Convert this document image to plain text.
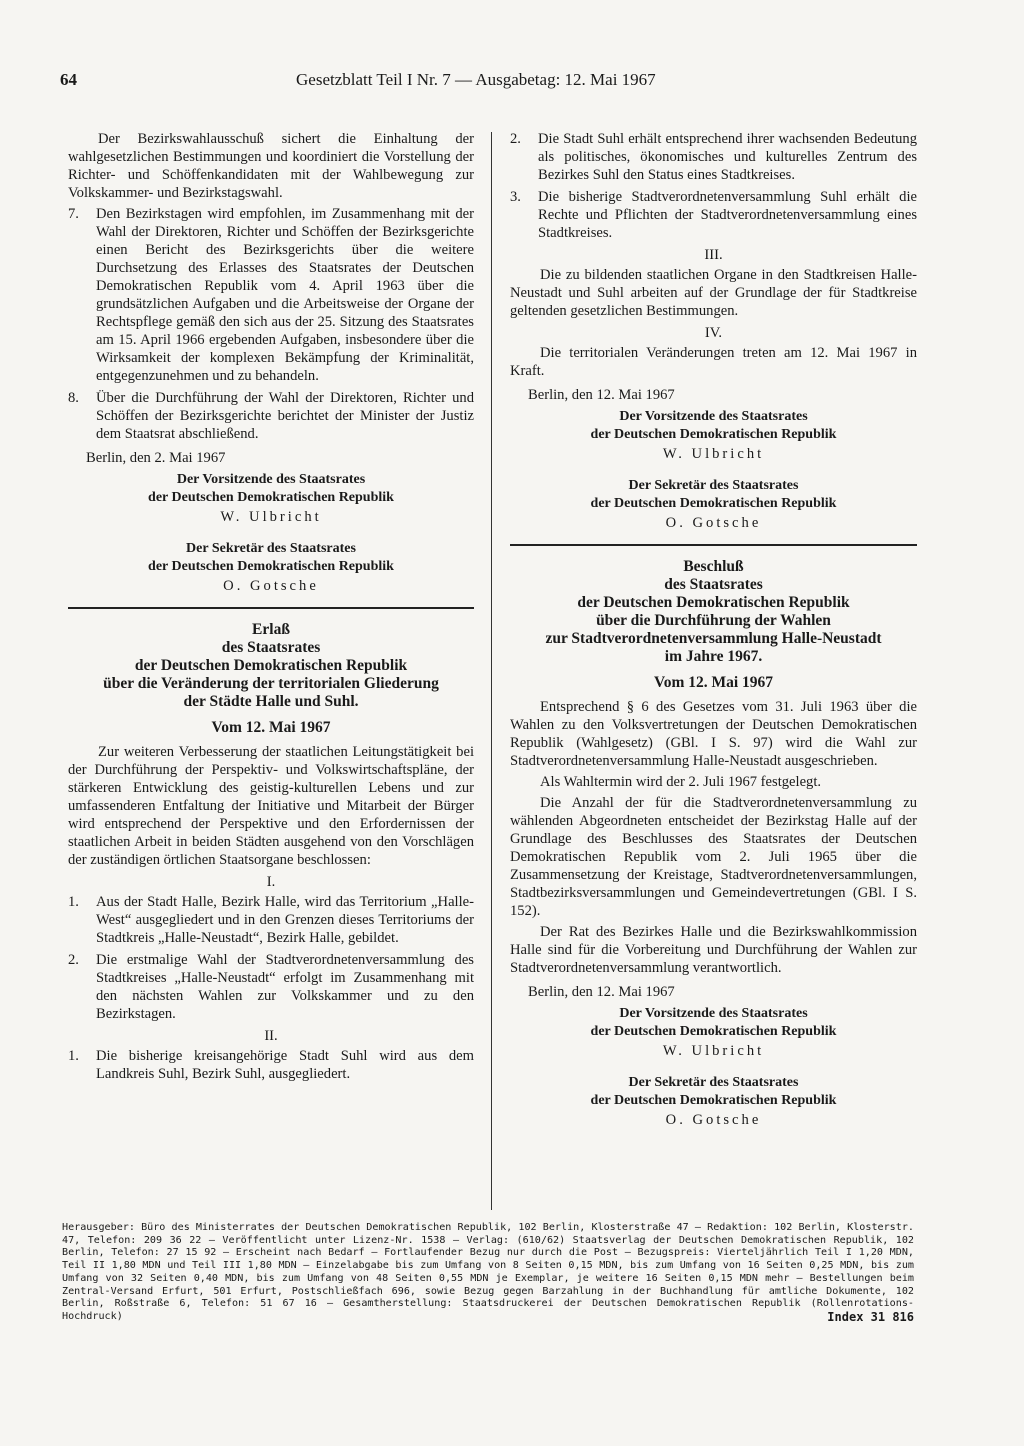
64	Gesetzblatt Teil I Nr. 7 — Ausgabetag: 12. Mai 1967

Der Bezirkswahlausschuß sichert die Einhaltung der wahlgesetzlichen Bestimmungen und koordiniert die Vorstellung der Richter- und Schöffenkandidaten mit der Wahlbewegung zur Volkskammer- und Bezirkstagswahl.

7.	Den Bezirkstagen wird empfohlen, im Zusammenhang mit der Wahl der Direktoren, Richter und Schöffen der Bezirksgerichte einen Bericht des Bezirksgerichts über die weitere Durchsetzung des Erlasses des Staatsrates der Deutschen Demokratischen Republik vom 4. April 1963 über die grundsätzlichen Aufgaben und die Arbeitsweise der Organe der Rechtspflege gemäß den sich aus der 25. Sitzung des Staatsrates am 15. April 1966 ergebenden Aufgaben, insbesondere über die Wirksamkeit der komplexen Bekämpfung der Kriminalität, entgegenzunehmen und zu behandeln.
8.	Über die Durchführung der Wahl der Direktoren, Richter und Schöffen der Bezirksgerichte berichtet der Minister der Justiz dem Staatsrat abschließend.
Berlin, den 2. Mai 1967
Der Vorsitzende des Staatsrates
der Deutschen Demokratischen Republik
W. Ulbricht
Der Sekretär des Staatsrates
der Deutschen Demokratischen Republik
O. Gotsche
Erlaß
des Staatsrates
der Deutschen Demokratischen Republik
über die Veränderung der territorialen Gliederung
der Städte Halle und Suhl.
Vom 12. Mai 1967

Zur weiteren Verbesserung der staatlichen Leitungstätigkeit bei der Durchführung der Perspektiv- und Volkswirtschaftspläne, der stärkeren Entwicklung des geistig-kulturellen Lebens und zur umfassenderen Entfaltung der Initiative und Mitarbeit der Bürger wird entsprechend der Perspektive und den Erfordernissen der staatlichen Arbeit in beiden Städten ausgehend von den Vorschlägen der zuständigen örtlichen Staatsorgane beschlossen:

I.
1.	Aus der Stadt Halle, Bezirk Halle, wird das Territorium „Halle-West“ ausgegliedert und in den Grenzen dieses Territoriums der Stadtkreis „Halle-Neustadt“, Bezirk Halle, gebildet.
2.	Die erstmalige Wahl der Stadtverordnetenversammlung des Stadtkreises „Halle-Neustadt“ erfolgt im Zusammenhang mit den nächsten Wahlen zur Volkskammer und zu den Bezirkstagen.
II.
1.	Die bisherige kreisangehörige Stadt Suhl wird aus dem Landkreis Suhl, Bezirk Suhl, ausgegliedert.
2.	Die Stadt Suhl erhält entsprechend ihrer wachsenden Bedeutung als politisches, ökonomisches und kulturelles Zentrum des Bezirkes Suhl den Status eines Stadtkreises.
3.	Die bisherige Stadtverordnetenversammlung Suhl erhält die Rechte und Pflichten der Stadtverordnetenversammlung eines Stadtkreises.
III.

Die zu bildenden staatlichen Organe in den Stadtkreisen Halle-Neustadt und Suhl arbeiten auf der Grundlage der für Stadtkreise geltenden gesetzlichen Bestimmungen.

IV.

Die territorialen Veränderungen treten am 12. Mai 1967 in Kraft.

Berlin, den 12. Mai 1967
Der Vorsitzende des Staatsrates
der Deutschen Demokratischen Republik
W. Ulbricht
Der Sekretär des Staatsrates
der Deutschen Demokratischen Republik
O. Gotsche
Beschluß
des Staatsrates
der Deutschen Demokratischen Republik
über die Durchführung der Wahlen
zur Stadtverordnetenversammlung Halle-Neustadt
im Jahre 1967.
Vom 12. Mai 1967

Entsprechend § 6 des Gesetzes vom 31. Juli 1963 über die Wahlen zu den Volksvertretungen der Deutschen Demokratischen Republik (Wahlgesetz) (GBl. I S. 97) wird die Wahl zur Stadtverordnetenversammlung Halle-Neustadt ausgeschrieben.

Als Wahltermin wird der 2. Juli 1967 festgelegt.

Die Anzahl der für die Stadtverordnetenversammlung zu wählenden Abgeordneten entscheidet der Bezirkstag Halle auf der Grundlage des Beschlusses des Staatsrates der Deutschen Demokratischen Republik vom 2. Juli 1965 über die Zusammensetzung der Kreistage, Stadtverordnetenversammlungen, Stadtbezirksversammlungen und Gemeindevertretungen (GBl. I S. 152).

Der Rat des Bezirkes Halle und die Bezirkswahlkommission Halle sind für die Vorbereitung und Durchführung der Wahlen zur Stadtverordnetenversammlung verantwortlich.

Berlin, den 12. Mai 1967
Der Vorsitzende des Staatsrates
der Deutschen Demokratischen Republik
W. Ulbricht
Der Sekretär des Staatsrates
der Deutschen Demokratischen Republik
O. Gotsche
Herausgeber: Büro des Ministerrates der Deutschen Demokratischen Republik, 102 Berlin, Klosterstraße 47 — Redaktion: 102 Berlin, Klosterstr. 47, Telefon: 209 36 22 — Veröffentlicht unter Lizenz-Nr. 1538 — Verlag: (610/62) Staatsverlag der Deutschen Demokratischen Republik, 102 Berlin, Telefon: 27 15 92 — Erscheint nach Bedarf — Fortlaufender Bezug nur durch die Post — Bezugspreis: Vierteljährlich Teil I 1,20 MDN, Teil II 1,80 MDN und Teil III 1,80 MDN — Einzelabgabe bis zum Umfang von 8 Seiten 0,15 MDN, bis zum Umfang von 16 Seiten 0,25 MDN, bis zum Umfang von 32 Seiten 0,40 MDN, bis zum Umfang von 48 Seiten 0,55 MDN je Exemplar, je weitere 16 Seiten 0,15 MDN mehr — Bestellungen beim Zentral-Versand Erfurt, 501 Erfurt, Postschließfach 696, sowie Bezug gegen Barzahlung in der Buchhandlung für amtliche Dokumente, 102 Berlin, Roßstraße 6, Telefon: 51 67 16 — Gesamtherstellung: Staatsdruckerei der Deutschen Demokratischen Republik (Rollenrotations-Hochdruck)	Index 31 816
